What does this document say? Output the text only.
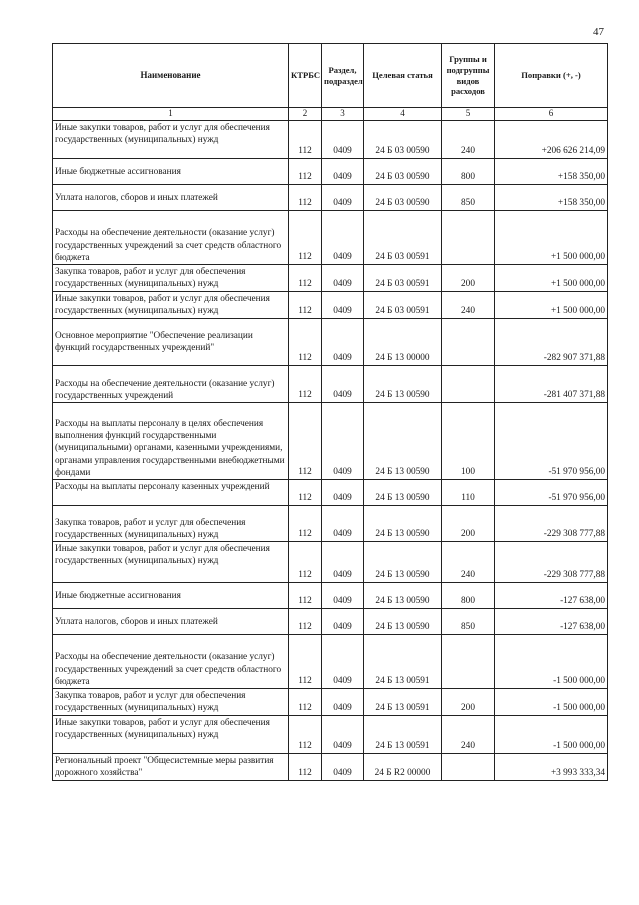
47
Наименование	КТРБС	Раздел, подраздел	Целевая статья	Группы и подгруппы видов расходов	Поправки (+, -)
1	2	3	4	5	6
Иные закупки товаров, работ и услуг для обеспечения государственных (муниципальных) нужд	112	0409	24 Б 03 00590	240	+206 626 214,09
Иные бюджетные ассигнования	112	0409	24 Б 03 00590	800	+158 350,00
Уплата налогов, сборов и иных платежей	112	0409	24 Б 03 00590	850	+158 350,00
Расходы на обеспечение деятельности (оказание услуг) государственных учреждений за счет средств областного бюджета	112	0409	24 Б 03 00591		+1 500 000,00
Закупка товаров, работ и услуг для обеспечения государственных (муниципальных) нужд	112	0409	24 Б 03 00591	200	+1 500 000,00
Иные закупки товаров, работ и услуг для обеспечения государственных (муниципальных) нужд	112	0409	24 Б 03 00591	240	+1 500 000,00
Основное мероприятие "Обеспечение реализации функций государственных учреждений"	112	0409	24 Б 13 00000		-282 907 371,88
Расходы на обеспечение деятельности (оказание услуг) государственных учреждений	112	0409	24 Б 13 00590		-281 407 371,88
Расходы на выплаты персоналу в целях обеспечения выполнения функций государственными (муниципальными) органами, казенными учреждениями, органами управления государственными внебюджетными фондами	112	0409	24 Б 13 00590	100	-51 970 956,00
Расходы на выплаты персоналу казенных учреждений	112	0409	24 Б 13 00590	110	-51 970 956,00
Закупка товаров, работ и услуг для обеспечения государственных (муниципальных) нужд	112	0409	24 Б 13 00590	200	-229 308 777,88
Иные закупки товаров, работ и услуг для обеспечения государственных (муниципальных) нужд	112	0409	24 Б 13 00590	240	-229 308 777,88
Иные бюджетные ассигнования	112	0409	24 Б 13 00590	800	-127 638,00
Уплата налогов, сборов и иных платежей	112	0409	24 Б 13 00590	850	-127 638,00
Расходы на обеспечение деятельности (оказание услуг) государственных учреждений за счет средств областного бюджета	112	0409	24 Б 13 00591		-1 500 000,00
Закупка товаров, работ и услуг для обеспечения государственных (муниципальных) нужд	112	0409	24 Б 13 00591	200	-1 500 000,00
Иные закупки товаров, работ и услуг для обеспечения государственных (муниципальных) нужд	112	0409	24 Б 13 00591	240	-1 500 000,00
Региональный проект "Общесистемные меры развития дорожного хозяйства"	112	0409	24 Б R2 00000		+3 993 333,34
